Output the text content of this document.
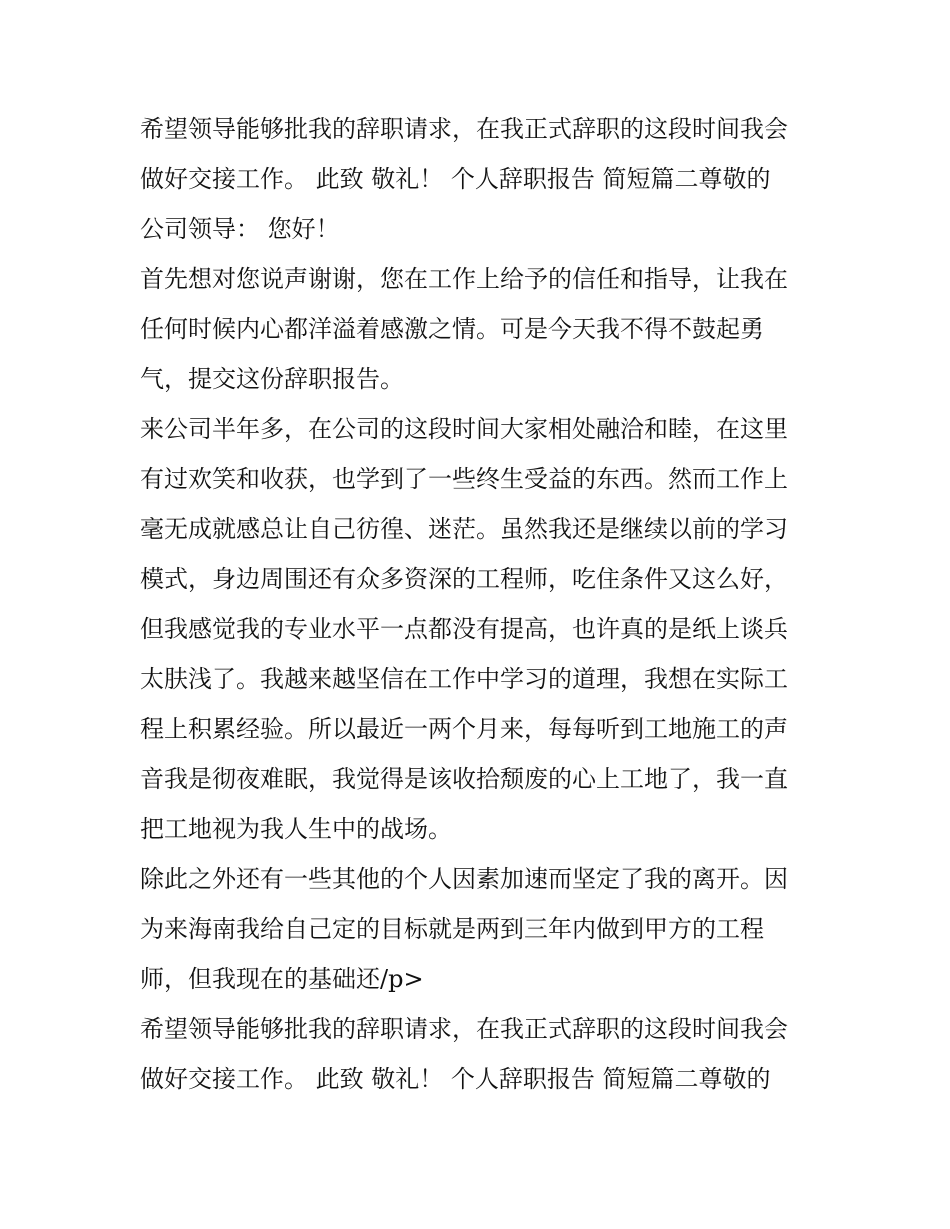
希望领导能够批我的辞职请求，在我正式辞职的这段时间我会
做好交接工作。 此致 敬礼！ 个人辞职报告 简短篇二尊敬的
公司领导： 您好！
首先想对您说声谢谢，您在工作上给予的信任和指导，让我在
任何时候内心都洋溢着感激之情。可是今天我不得不鼓起勇
气，提交这份辞职报告。
来公司半年多，在公司的这段时间大家相处融洽和睦，在这里
有过欢笑和收获，也学到了一些终生受益的东西。然而工作上
毫无成就感总让自己彷徨、迷茫。虽然我还是继续以前的学习
模式，身边周围还有众多资深的工程师，吃住条件又这么好，
但我感觉我的专业水平一点都没有提高，也许真的是纸上谈兵
太肤浅了。我越来越坚信在工作中学习的道理，我想在实际工
程上积累经验。所以最近一两个月来，每每听到工地施工的声
音我是彻夜难眠，我觉得是该收拾颓废的心上工地了，我一直
把工地视为我人生中的战场。
除此之外还有一些其他的个人因素加速而坚定了我的离开。因
为来海南我给自己定的目标就是两到三年内做到甲方的工程
师，但我现在的基础还/p>
希望领导能够批我的辞职请求，在我正式辞职的这段时间我会
做好交接工作。 此致 敬礼！ 个人辞职报告 简短篇二尊敬的
